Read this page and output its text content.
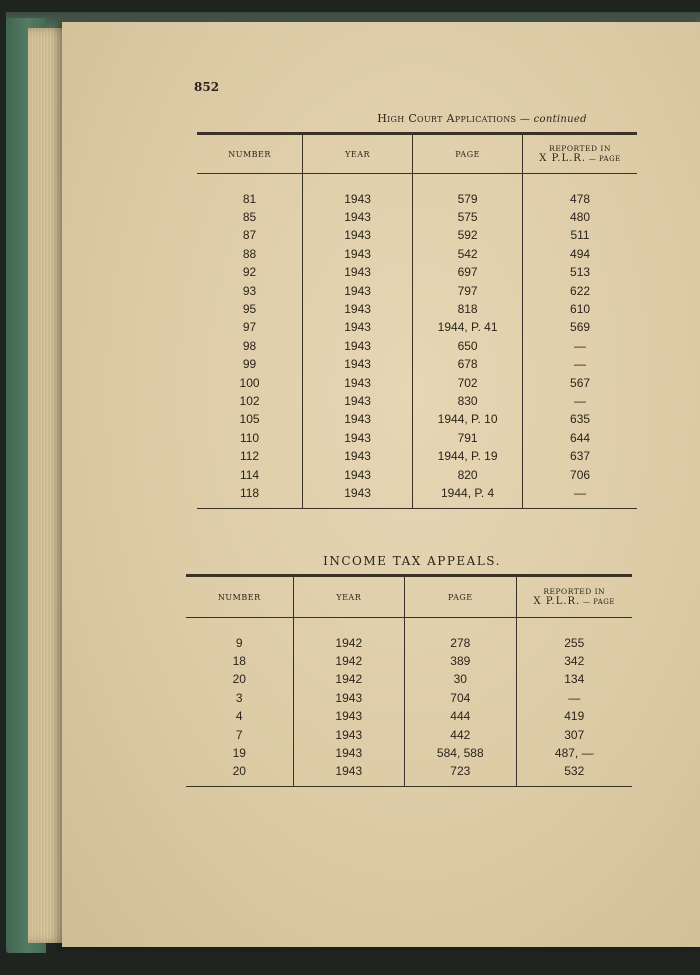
852
High Court Applications — continued
NUMBER	YEAR	PAGE	REPORTED IN
X P.L.R. — PAGE

81	1943	579	478
85	1943	575	480
87	1943	592	511
88	1943	542	494
92	1943	697	513
93	1943	797	622
95	1943	818	610
97	1943	1944, P. 41	569
98	1943	650	—
99	1943	678	—
100	1943	702	567
102	1943	830	—
105	1943	1944, P. 10	635
110	1943	791	644
112	1943	1944, P. 19	637
114	1943	820	706
118	1943	1944, P. 4	—

INCOME TAX APPEALS.
NUMBER	YEAR	PAGE	REPORTED IN
X P.L.R. — PAGE

9	1942	278	255
18	1942	389	342
20	1942	30	134
3	1943	704	—
4	1943	444	419
7	1943	442	307
19	1943	584, 588	487, —
20	1943	723	532
